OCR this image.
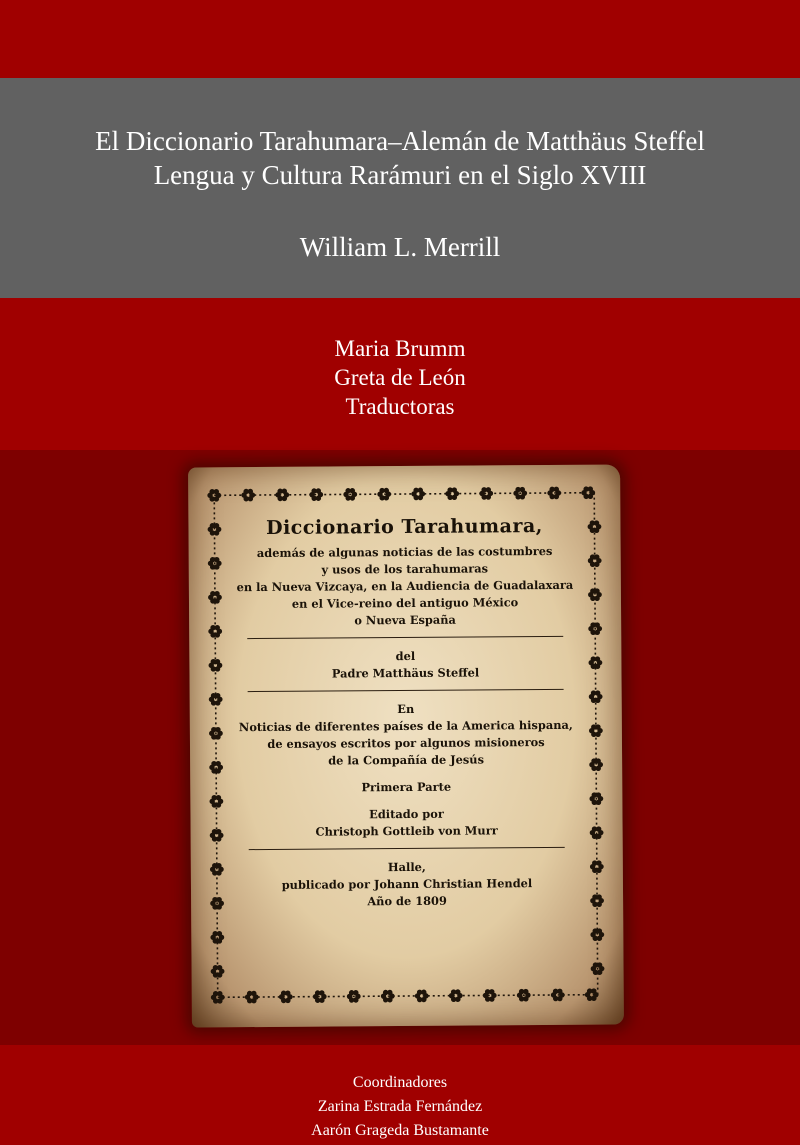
El Diccionario Tarahumara–Alemán de Matthäus Steffel
Lengua y Cultura Rarámuri en el Siglo XVIII
William L. Merrill
Maria Brumm
Greta de León
Traductoras
Diccionario Tarahumara,
además de algunas noticias de las costumbres
y usos de los tarahumaras
en la Nueva Vizcaya, en la Audiencia de Guadalaxara
en el Vice-reino del antiguo México
o Nueva España
del
Padre Matthäus Steffel
En
Noticias de diferentes países de la America hispana,
de ensayos escritos por algunos misioneros
de la Compañía de Jesús
Primera Parte
Editado por
Christoph Gottleib von Murr
Halle,
publicado por Johann Christian Hendel
Año de 1809
Coordinadores
Zarina Estrada Fernández
Aarón Grageda Bustamante
